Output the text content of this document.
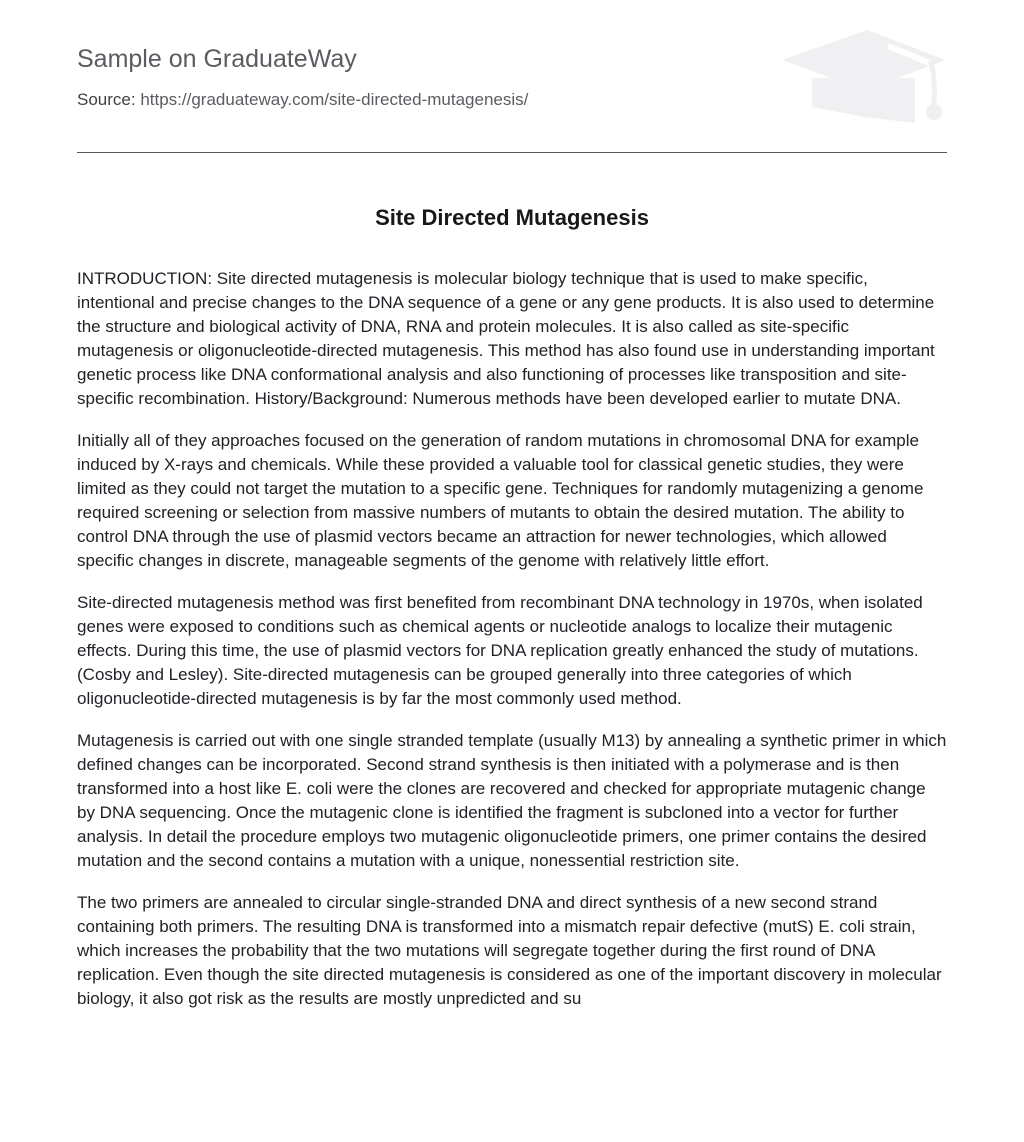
Sample on GraduateWay
Source: https://graduateway.com/site-directed-mutagenesis/
Site Directed Mutagenesis

INTRODUCTION: Site directed mutagenesis is molecular biology technique that is used to make specific, intentional and precise changes to the DNA sequence of a gene or any gene products. It is also used to determine the structure and biological activity of DNA, RNA and protein molecules. It is also called as site-specific mutagenesis or oligonucleotide-directed mutagenesis. This method has also found use in understanding important genetic process like DNA conformational analysis and also functioning of processes like transposition and site-specific recombination. History/Background: Numerous methods have been developed earlier to mutate DNA.

Initially all of they approaches focused on the generation of random mutations in chromosomal DNA for example induced by X-rays and chemicals. While these provided a valuable tool for classical genetic studies, they were limited as they could not target the mutation to a specific gene. Techniques for randomly mutagenizing a genome required screening or selection from massive numbers of mutants to obtain the desired mutation. The ability to control DNA through the use of plasmid vectors became an attraction for newer technologies, which allowed specific changes in discrete, manageable segments of the genome with relatively little effort.

Site-directed mutagenesis method was first benefited from recombinant DNA technology in 1970s, when isolated genes were exposed to conditions such as chemical agents or nucleotide analogs to localize their mutagenic effects. During this time, the use of plasmid vectors for DNA replication greatly enhanced the study of mutations. (Cosby and Lesley). Site-directed mutagenesis can be grouped generally into three categories of which oligonucleotide-directed mutagenesis is by far the most commonly used method.

Mutagenesis is carried out with one single stranded template (usually M13) by annealing a synthetic primer in which defined changes can be incorporated. Second strand synthesis is then initiated with a polymerase and is then transformed into a host like E. coli were the clones are recovered and checked for appropriate mutagenic change by DNA sequencing. Once the mutagenic clone is identified the fragment is subcloned into a vector for further analysis. In detail the procedure employs two mutagenic oligonucleotide primers, one primer contains the desired mutation and the second contains a mutation with a unique, nonessential restriction site.

The two primers are annealed to circular single-stranded DNA and direct synthesis of a new second strand containing both primers. The resulting DNA is transformed into a mismatch repair defective (mutS) E. coli strain, which increases the probability that the two mutations will segregate together during the first round of DNA replication. Even though the site directed mutagenesis is considered as one of the important discovery in molecular biology, it also got risk as the results are mostly unpredicted and su
